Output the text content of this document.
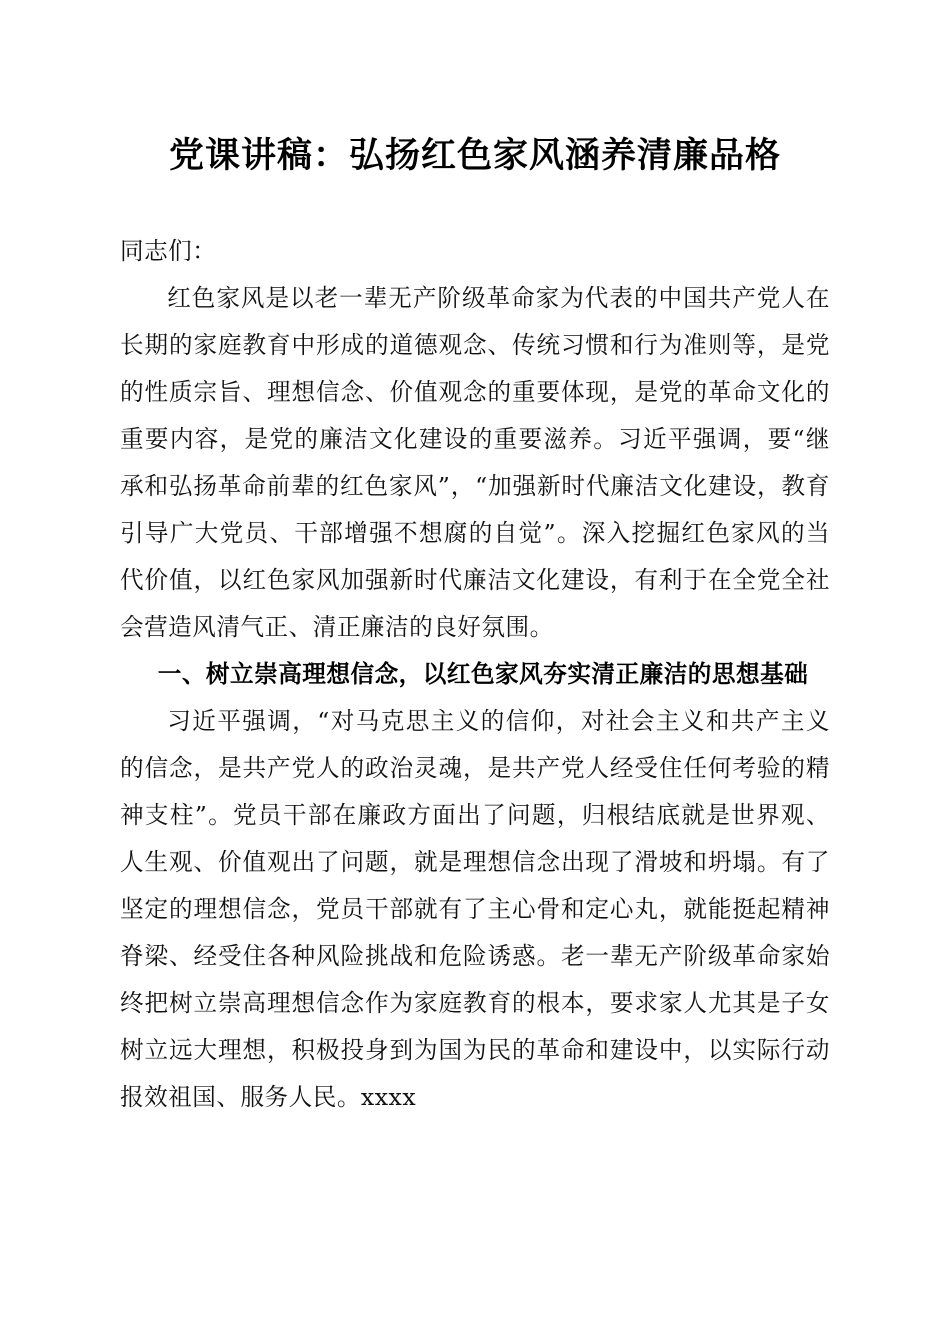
党课讲稿：弘扬红色家风涵养清廉品格

同志们：

红色家风是以老一辈无产阶级革命家为代表的中国共产党人在长期的家庭教育中形成的道德观念、传统习惯和行为准则等，是党的性质宗旨、理想信念、价值观念的重要体现，是党的革命文化的重要内容，是党的廉洁文化建设的重要滋养。习近平强调，要“继承和弘扬革命前辈的红色家风”，“加强新时代廉洁文化建设，教育引导广大党员、干部增强不想腐的自觉”。深入挖掘红色家风的当代价值，以红色家风加强新时代廉洁文化建设，有利于在全党全社会营造风清气正、清正廉洁的良好氛围。

一、树立崇高理想信念，以红色家风夯实清正廉洁的思想基础

习近平强调，“对马克思主义的信仰，对社会主义和共产主义的信念，是共产党人的政治灵魂，是共产党人经受住任何考验的精神支柱”。党员干部在廉政方面出了问题，归根结底就是世界观、人生观、价值观出了问题，就是理想信念出现了滑坡和坍塌。有了坚定的理想信念，党员干部就有了主心骨和定心丸，就能挺起精神脊梁、经受住各种风险挑战和危险诱惑。老一辈无产阶级革命家始终把树立崇高理想信念作为家庭教育的根本，要求家人尤其是子女树立远大理想，积极投身到为国为民的革命和建设中，以实际行动报效祖国、服务人民。xxxx
